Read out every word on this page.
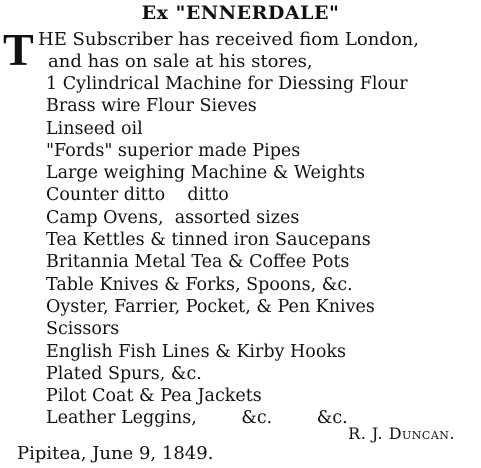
Ex "ENNERDALE"
T HE Subscriber has received fiom London,
and has on sale at his stores,
1 Cylindrical Machine for Diessing Flour
Brass wire Flour Sieves
Linseed oil
"Fords" superior made Pipes
Large weighing Machine & Weights
Counter ditto    ditto
Camp Ovens,  assorted sizes
Tea Kettles & tinned iron Saucepans
Britannia Metal Tea & Coffee Pots
Table Knives & Forks, Spoons, &c.
Oyster, Farrier, Pocket, & Pen Knives
Scissors
English Fish Lines & Kirby Hooks
Plated Spurs, &c.
Pilot Coat & Pea Jackets
Leather Leggins,        &c.        &c.
R. J. Duncan.
Pipitea, June 9, 1849.
